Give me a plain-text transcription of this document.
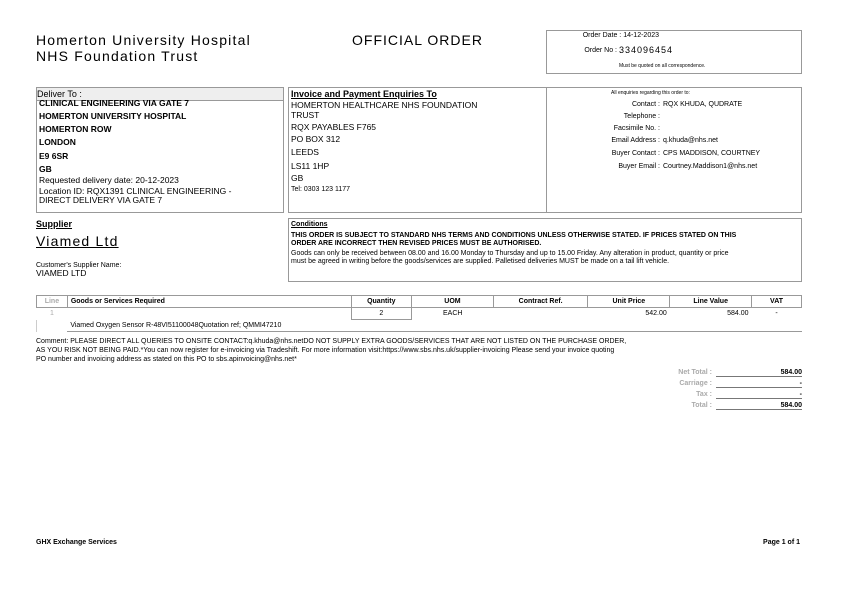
Homerton University Hospital
NHS Foundation Trust
OFFICIAL ORDER	Order Date : 14-12-2023
Order No : 334096454
Must be quoted on all correspondence.
Deliver To :
CLINICAL ENGINEERING VIA GATE 7
HOMERTON UNIVERSITY HOSPITAL
HOMERTON ROW
LONDON
E9 6SR
GB
Requested delivery date: 20-12-2023
Location ID: RQX1391 CLINICAL ENGINEERING -
DIRECT DELIVERY VIA GATE 7
Invoice and Payment Enquiries To
HOMERTON HEALTHCARE NHS FOUNDATION
TRUST
RQX PAYABLES F765
PO BOX 312
LEEDS
LS11 1HP
GB
Tel: 0303 123 1177
All enquiries regarding this order to:
Contact : RQX KHUDA, QUDRATE
Telephone :
Facsimile No. :
Email Address : q.khuda@nhs.net
Buyer Contact : CPS MADDISON, COURTNEY
Buyer Email : Courtney.Maddison1@nhs.net
Supplier
Viamed Ltd
Customer's Supplier Name:
VIAMED LTD
Conditions
THIS ORDER IS SUBJECT TO STANDARD NHS TERMS AND CONDITIONS UNLESS OTHERWISE STATED. IF PRICES STATED ON THIS
ORDER ARE INCORRECT THEN REVISED PRICES MUST BE AUTHORISED.
Goods can only be received between 08.00 and 16.00 Monday to Thursday and up to 15.00 Friday. Any alteration in product, quantity or price
must be agreed in writing before the goods/services are supplied. Palletised deliveries MUST be made on a tail lift vehicle.
Line	Goods or Services Required	Quantity	UOM	Contract Ref.	Unit Price	Line Value	VAT
1		2	EACH		542.00	584.00	-
	Viamed Oxygen Sensor R-48VI51100048Quotation ref; QMMI47210						
Comment: PLEASE DIRECT ALL QUERIES TO ONSITE CONTACT:q.khuda@nhs.netDO NOT SUPPLY EXTRA GOODS/SERVICES THAT ARE NOT LISTED ON THE PURCHASE ORDER,
AS YOU RISK NOT BEING PAID.*You can now register for e-invoicing via Tradeshift. For more information visit:https://www.sbs.nhs.uk/supplier-invoicing Please send your invoice quoting
PO number and invoicing address as stated on this PO to sbs.apinvoicing@nhs.net*
Net Total :	584.00
Carriage :	-
Tax :	-
Total :	584.00
GHX Exchange Services	Page 1 of 1
